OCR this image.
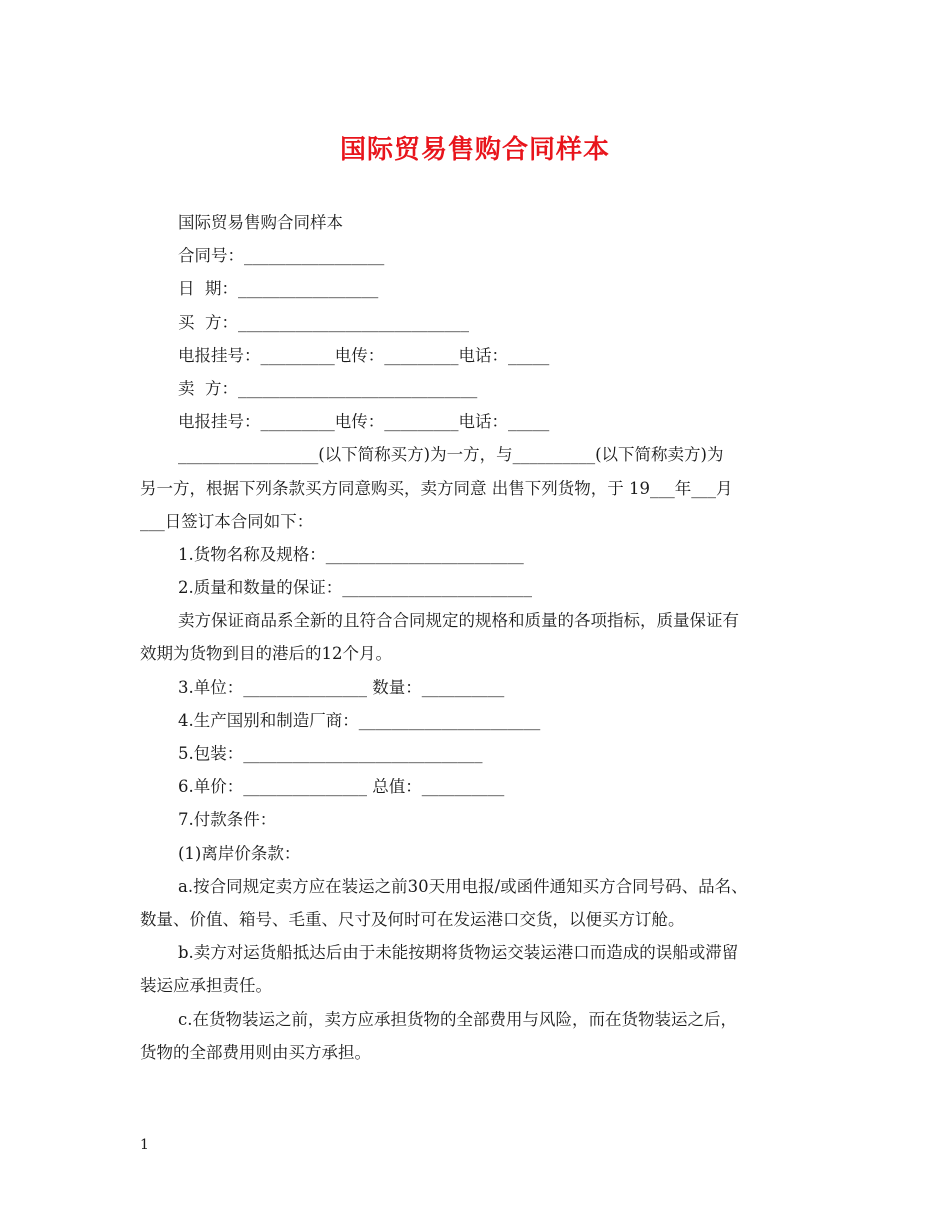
国际贸易售购合同样本
国际贸易售购合同样本
合同号：_________________
日  期：_________________
买  方：____________________________
电报挂号：_________电传：_________电话：_____
卖  方：_____________________________
电报挂号：_________电传：_________电话：_____
_________________(以下简称买方)为一方，与__________(以下简称卖方)为
另一方，根据下列条款买方同意购买，卖方同意 出售下列货物，于 19___年___月
___日签订本合同如下：
1.货物名称及规格：________________________
2.质量和数量的保证：_______________________
卖方保证商品系全新的且符合合同规定的规格和质量的各项指标，质量保证有
效期为货物到目的港后的12个月。
3.单位：_______________ 数量：__________
4.生产国别和制造厂商：______________________
5.包装：_____________________________
6.单价：_______________ 总值：__________
7.付款条件：
(1)离岸价条款：
a.按合同规定卖方应在装运之前30天用电报/或函件通知买方合同号码、品名、
数量、价值、箱号、毛重、尺寸及何时可在发运港口交货，以便买方订舱。
b.卖方对运货船抵达后由于未能按期将货物运交装运港口而造成的误船或滞留
装运应承担责任。
c.在货物装运之前，卖方应承担货物的全部费用与风险，而在货物装运之后，
货物的全部费用则由买方承担。
1
